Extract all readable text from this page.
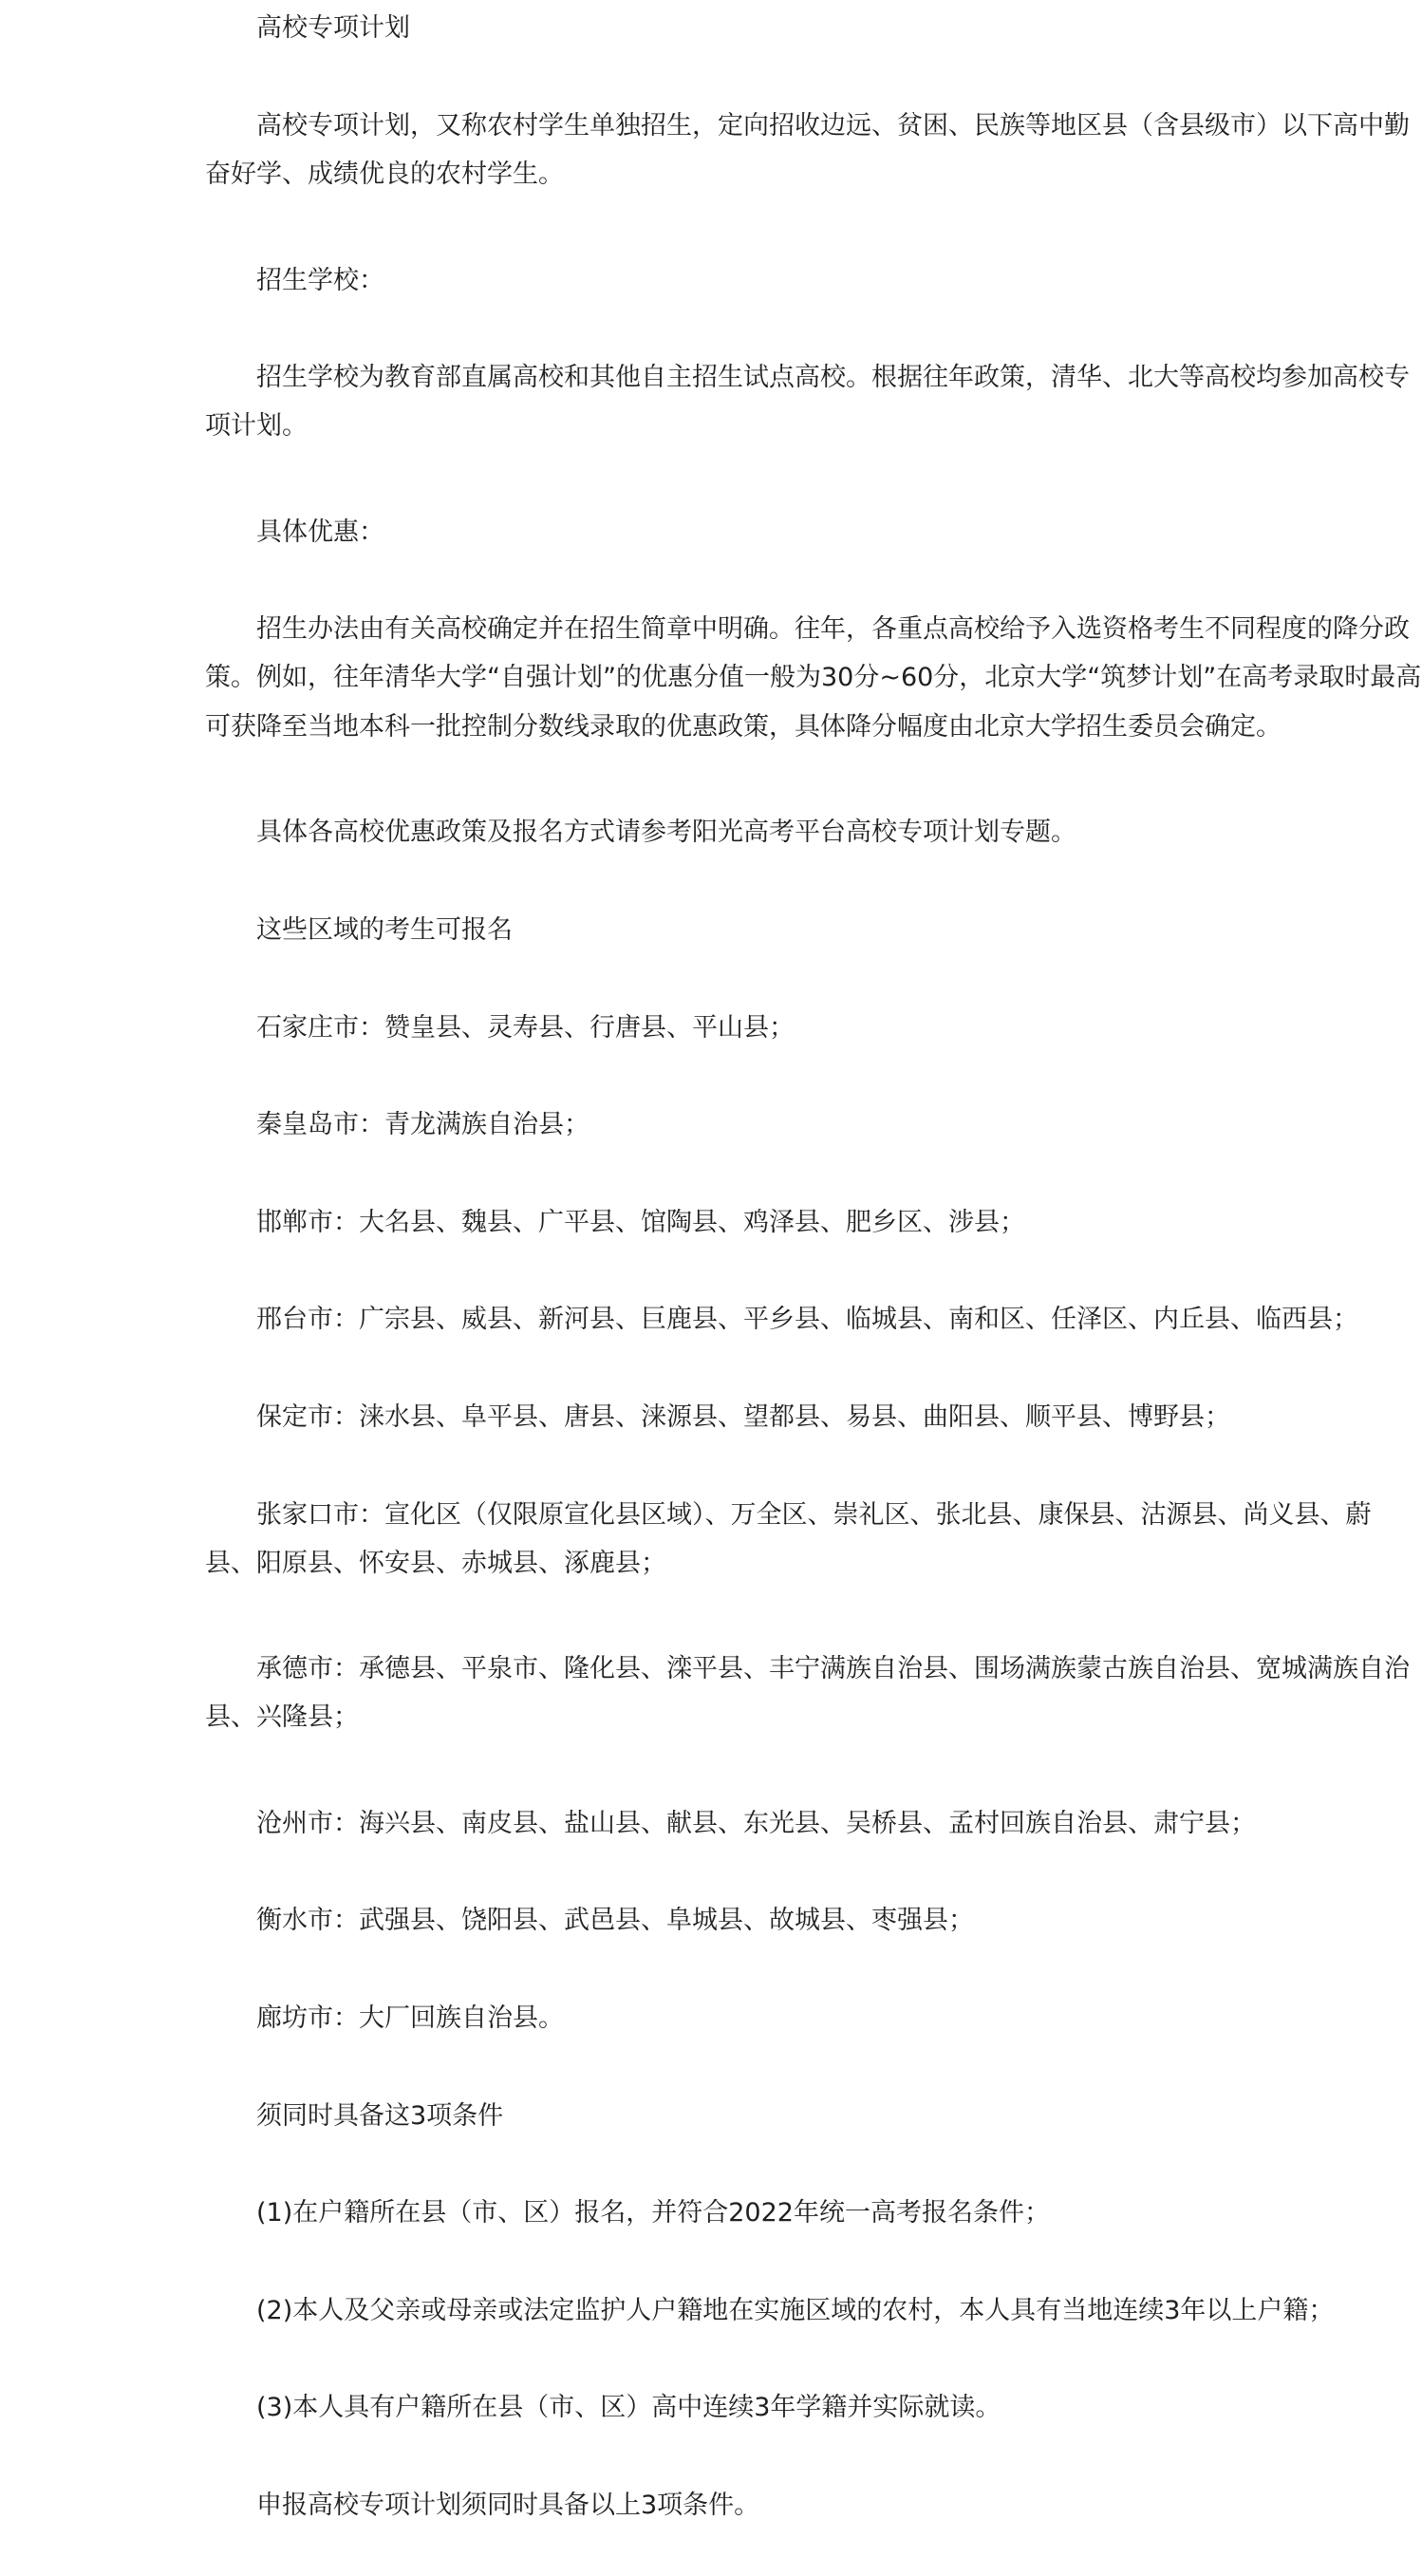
高校专项计划

高校专项计划，又称农村学生单独招生，定向招收边远、贫困、民族等地区县（含县级市）以下高中勤奋好学、成绩优良的农村学生。

招生学校：

招生学校为教育部直属高校和其他自主招生试点高校。根据往年政策，清华、北大等高校均参加高校专项计划。

具体优惠：

招生办法由有关高校确定并在招生简章中明确。往年，各重点高校给予入选资格考生不同程度的降分政策。例如，往年清华大学“自强计划”的优惠分值一般为30分~60分，北京大学“筑梦计划”在高考录取时最高可获降至当地本科一批控制分数线录取的优惠政策，具体降分幅度由北京大学招生委员会确定。

具体各高校优惠政策及报名方式请参考阳光高考平台高校专项计划专题。

这些区域的考生可报名

石家庄市：赞皇县、灵寿县、行唐县、平山县；

秦皇岛市：青龙满族自治县；

邯郸市：大名县、魏县、广平县、馆陶县、鸡泽县、肥乡区、涉县；

邢台市：广宗县、威县、新河县、巨鹿县、平乡县、临城县、南和区、任泽区、内丘县、临西县；

保定市：涞水县、阜平县、唐县、涞源县、望都县、易县、曲阳县、顺平县、博野县；

张家口市：宣化区（仅限原宣化县区域）、万全区、崇礼区、张北县、康保县、沽源县、尚义县、蔚县、阳原县、怀安县、赤城县、涿鹿县；

承德市：承德县、平泉市、隆化县、滦平县、丰宁满族自治县、围场满族蒙古族自治县、宽城满族自治县、兴隆县；

沧州市：海兴县、南皮县、盐山县、献县、东光县、吴桥县、孟村回族自治县、肃宁县；

衡水市：武强县、饶阳县、武邑县、阜城县、故城县、枣强县；

廊坊市：大厂回族自治县。

须同时具备这3项条件

(1)在户籍所在县（市、区）报名，并符合2022年统一高考报名条件；

(2)本人及父亲或母亲或法定监护人户籍地在实施区域的农村，本人具有当地连续3年以上户籍；

(3)本人具有户籍所在县（市、区）高中连续3年学籍并实际就读。

申报高校专项计划须同时具备以上3项条件。
